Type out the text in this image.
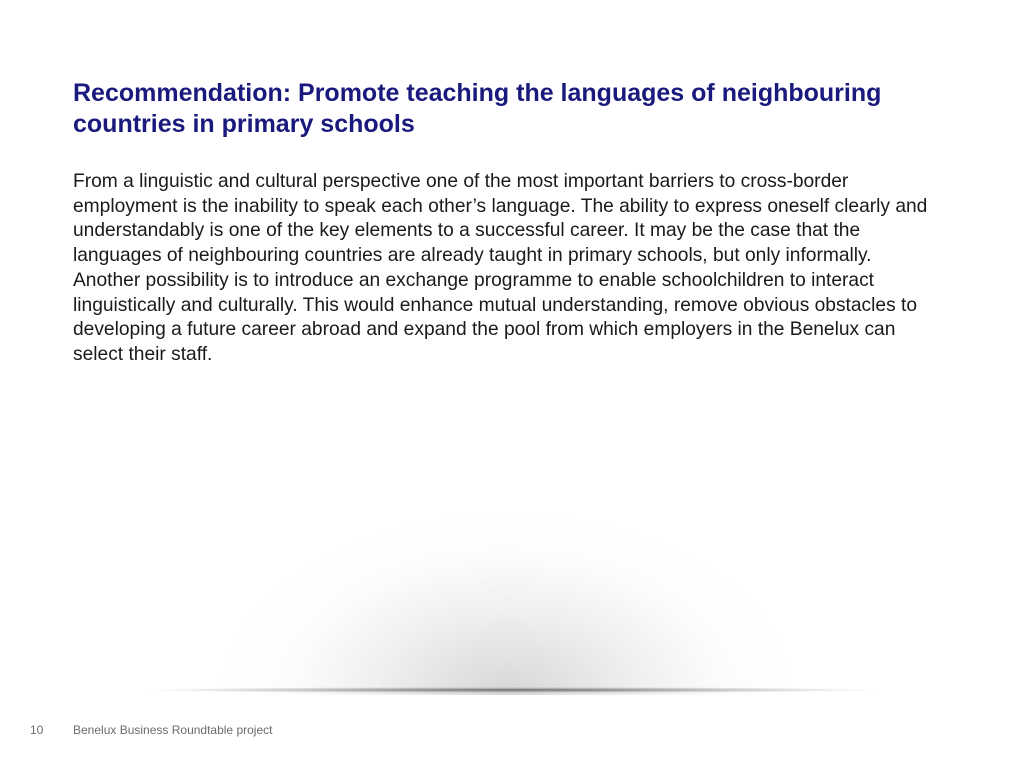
Recommendation: Promote teaching the languages of neighbouring countries in primary schools

From a linguistic and cultural perspective one of the most important barriers to cross-border employment is the inability to speak each other’s language. The ability to express oneself clearly and understandably is one of the key elements to a successful career. It may be the case that the languages of neighbouring countries are already taught in primary schools, but only informally. Another possibility is to introduce an exchange programme to enable schoolchildren to interact linguistically and culturally. This would enhance mutual understanding, remove obvious obstacles to developing a future career abroad and expand the pool from which employers in the Benelux can select their staff.

10 Benelux Business Roundtable project
